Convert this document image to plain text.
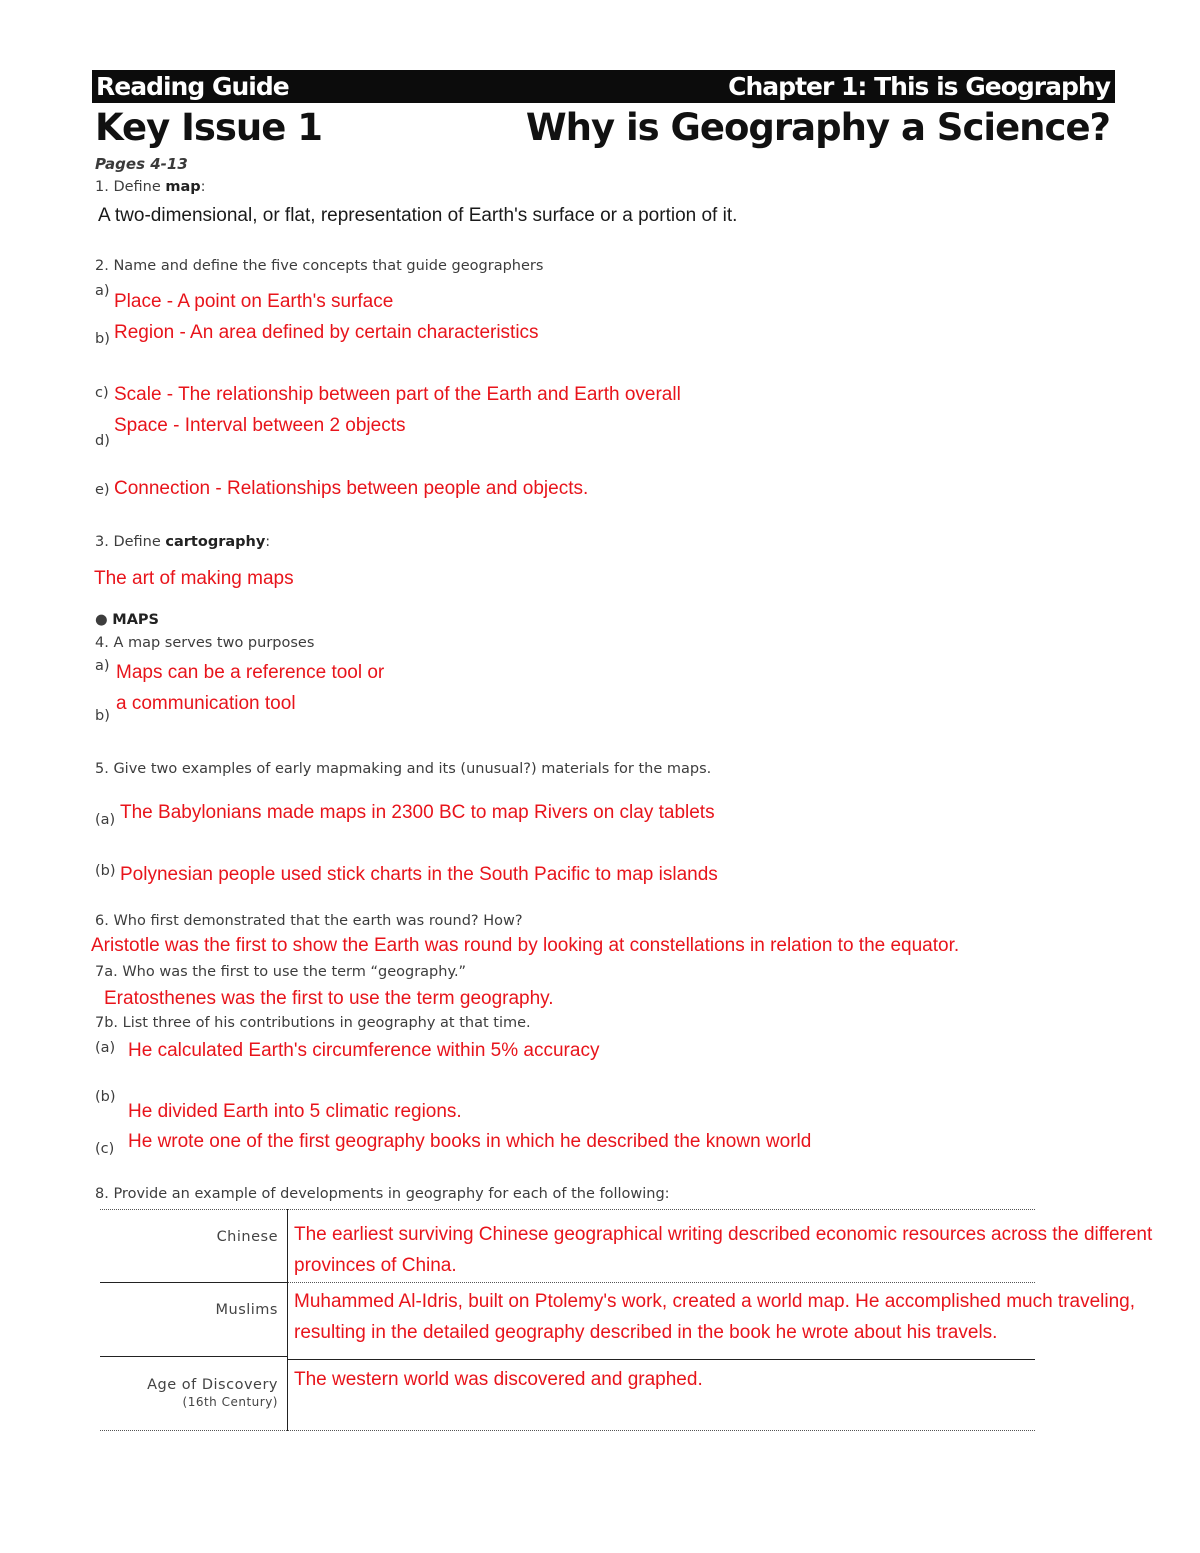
Reading Guide	Chapter 1: This is Geography
Key Issue 1	Why is Geography a Science?
Pages 4-13
1. Define map:
A two-dimensional, or flat, representation of Earth's surface or a portion of it.
2. Name and define the five concepts that guide geographers
a) Place - A point on Earth's surface
b) Region - An area defined by certain characteristics
c) Scale - The relationship between part of the Earth and Earth overall
d)
Space - Interval between 2 objects
e) Connection - Relationships between people and objects.
3. Define cartography:
The art of making maps
● MAPS
4. A map serves two purposes
a) Maps can be a reference tool or
b)
a communication tool
5. Give two examples of early mapmaking and its (unusual?) materials for the maps.
(a) The Babylonians made maps in 2300 BC to map Rivers on clay tablets
(b) Polynesian people used stick charts in the South Pacific to map islands
6. Who first demonstrated that the earth was round? How?
Aristotle was the first to show the Earth was round by looking at constellations in relation to the equator.
7a. Who was the first to use the term “geography.”
Eratosthenes was the first to use the term geography.
7b. List three of his contributions in geography at that time.
(a) He calculated Earth's circumference within 5% accuracy
(b)
He divided Earth into 5 climatic regions.
(c) He wrote one of the first geography books in which he described the known world
8. Provide an example of developments in geography for each of the following:
Chinese The earliest surviving Chinese geographical writing described economic resources across the different provinces of China.
Muslims Muhammed Al-Idris, built on Ptolemy's work, created a world map. He accomplished much traveling, resulting in the detailed geography described in the book he wrote about his travels.
Age of Discovery
(16th Century)
The western world was discovered and graphed.
